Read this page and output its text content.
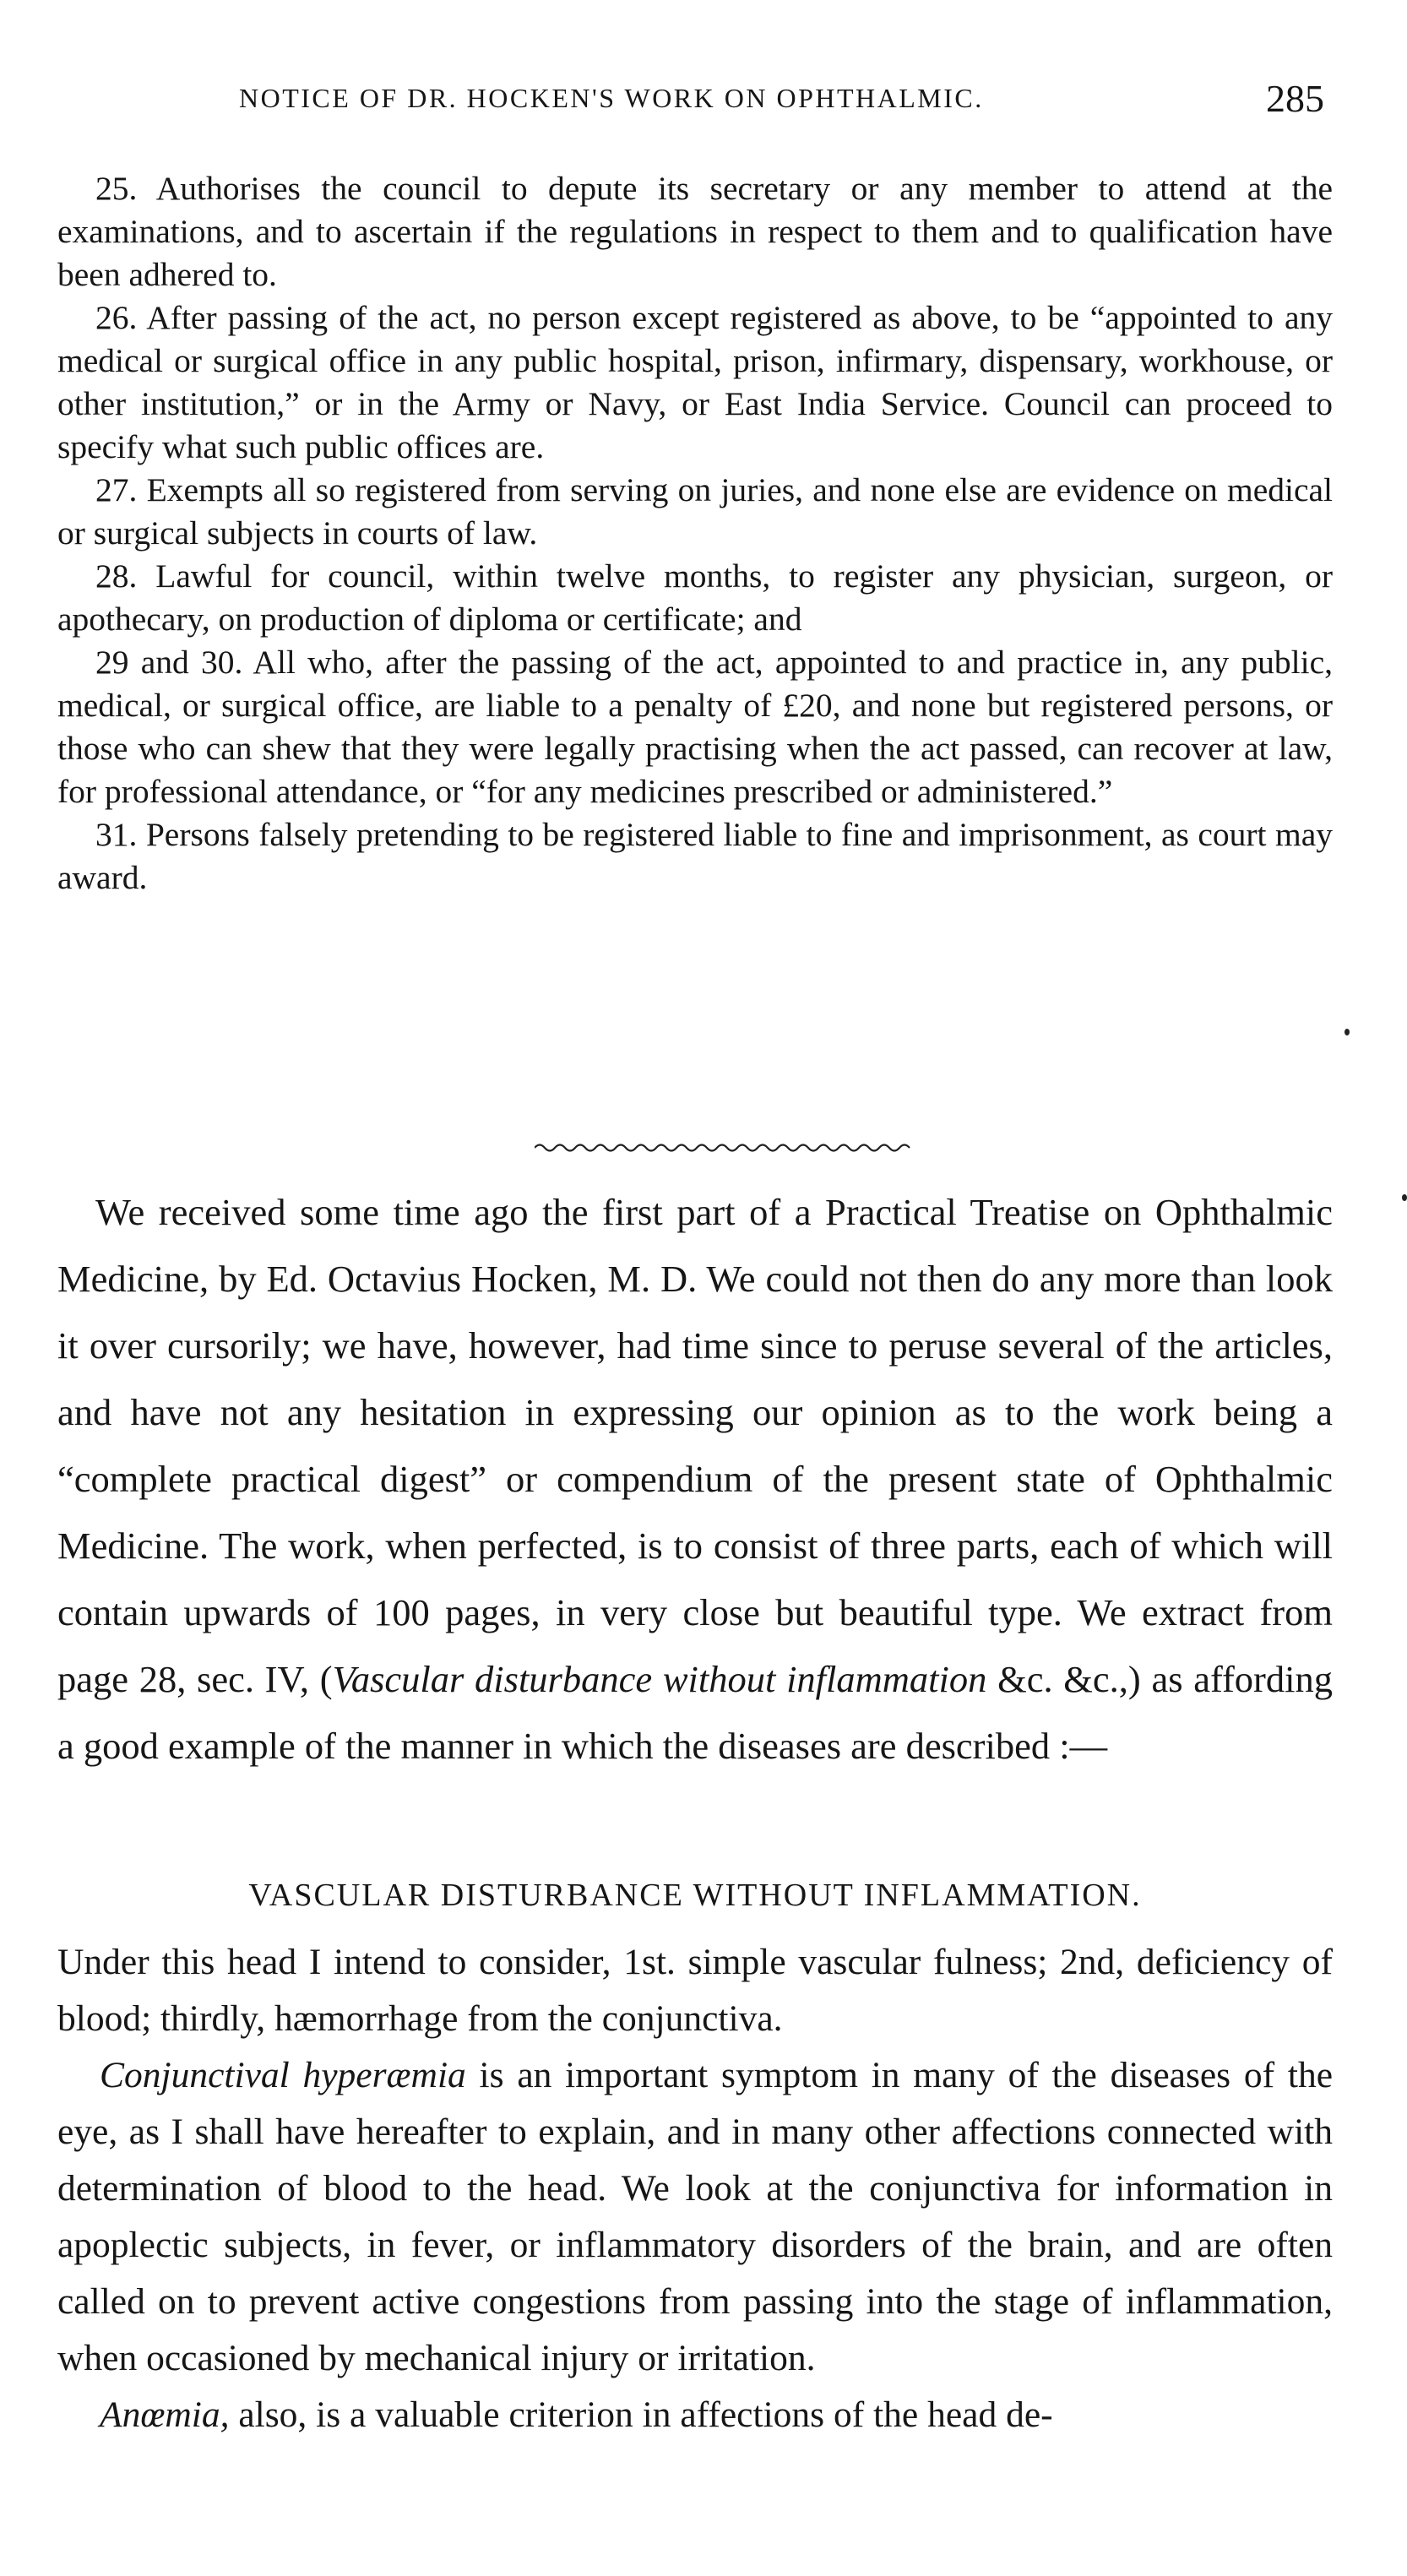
NOTICE OF DR. HOCKEN'S WORK ON OPHTHALMIC.	285

25. Authorises the council to depute its secretary or any member to attend at the examinations, and to ascertain if the regulations in respect to them and to qualification have been adhered to.

26. After passing of the act, no person except registered as above, to be “appointed to any medical or surgical office in any public hospital, prison, infirmary, dispensary, workhouse, or other institution,” or in the Army or Navy, or East India Service. Council can proceed to specify what such public offices are.

27. Exempts all so registered from serving on juries, and none else are evidence on medical or surgical subjects in courts of law.

28. Lawful for council, within twelve months, to register any physician, surgeon, or apothecary, on production of diploma or certificate; and

29 and 30. All who, after the passing of the act, appointed to and practice in, any public, medical, or surgical office, are liable to a penalty of £20, and none but registered persons, or those who can shew that they were legally practising when the act passed, can recover at law, for professional attendance, or “for any medicines prescribed or administered.”

31. Persons falsely pretending to be registered liable to fine and imprisonment, as court may award.

We received some time ago the first part of a Practical Treatise on Ophthalmic Medicine, by Ed. Octavius Hocken, M. D. We could not then do any more than look it over cursorily; we have, however, had time since to peruse several of the articles, and have not any hesitation in expressing our opinion as to the work being a “complete practical digest” or compendium of the present state of Ophthalmic Medicine. The work, when perfected, is to consist of three parts, each of which will contain upwards of 100 pages, in very close but beautiful type. We extract from page 28, sec. IV, (Vascular disturbance without inflammation &c. &c.,) as affording a good example of the manner in which the diseases are described :—

VASCULAR DISTURBANCE WITHOUT INFLAMMATION.

Under this head I intend to consider, 1st. simple vascular fulness; 2nd, deficiency of blood; thirdly, hæmorrhage from the conjunctiva.

Conjunctival hyperæmia is an important symptom in many of the diseases of the eye, as I shall have hereafter to explain, and in many other affections connected with determination of blood to the head. We look at the conjunctiva for information in apoplectic subjects, in fever, or inflammatory disorders of the brain, and are often called on to prevent active congestions from passing into the stage of inflammation, when occasioned by mechanical injury or irritation.

Anœmia, also, is a valuable criterion in affections of the head de-
